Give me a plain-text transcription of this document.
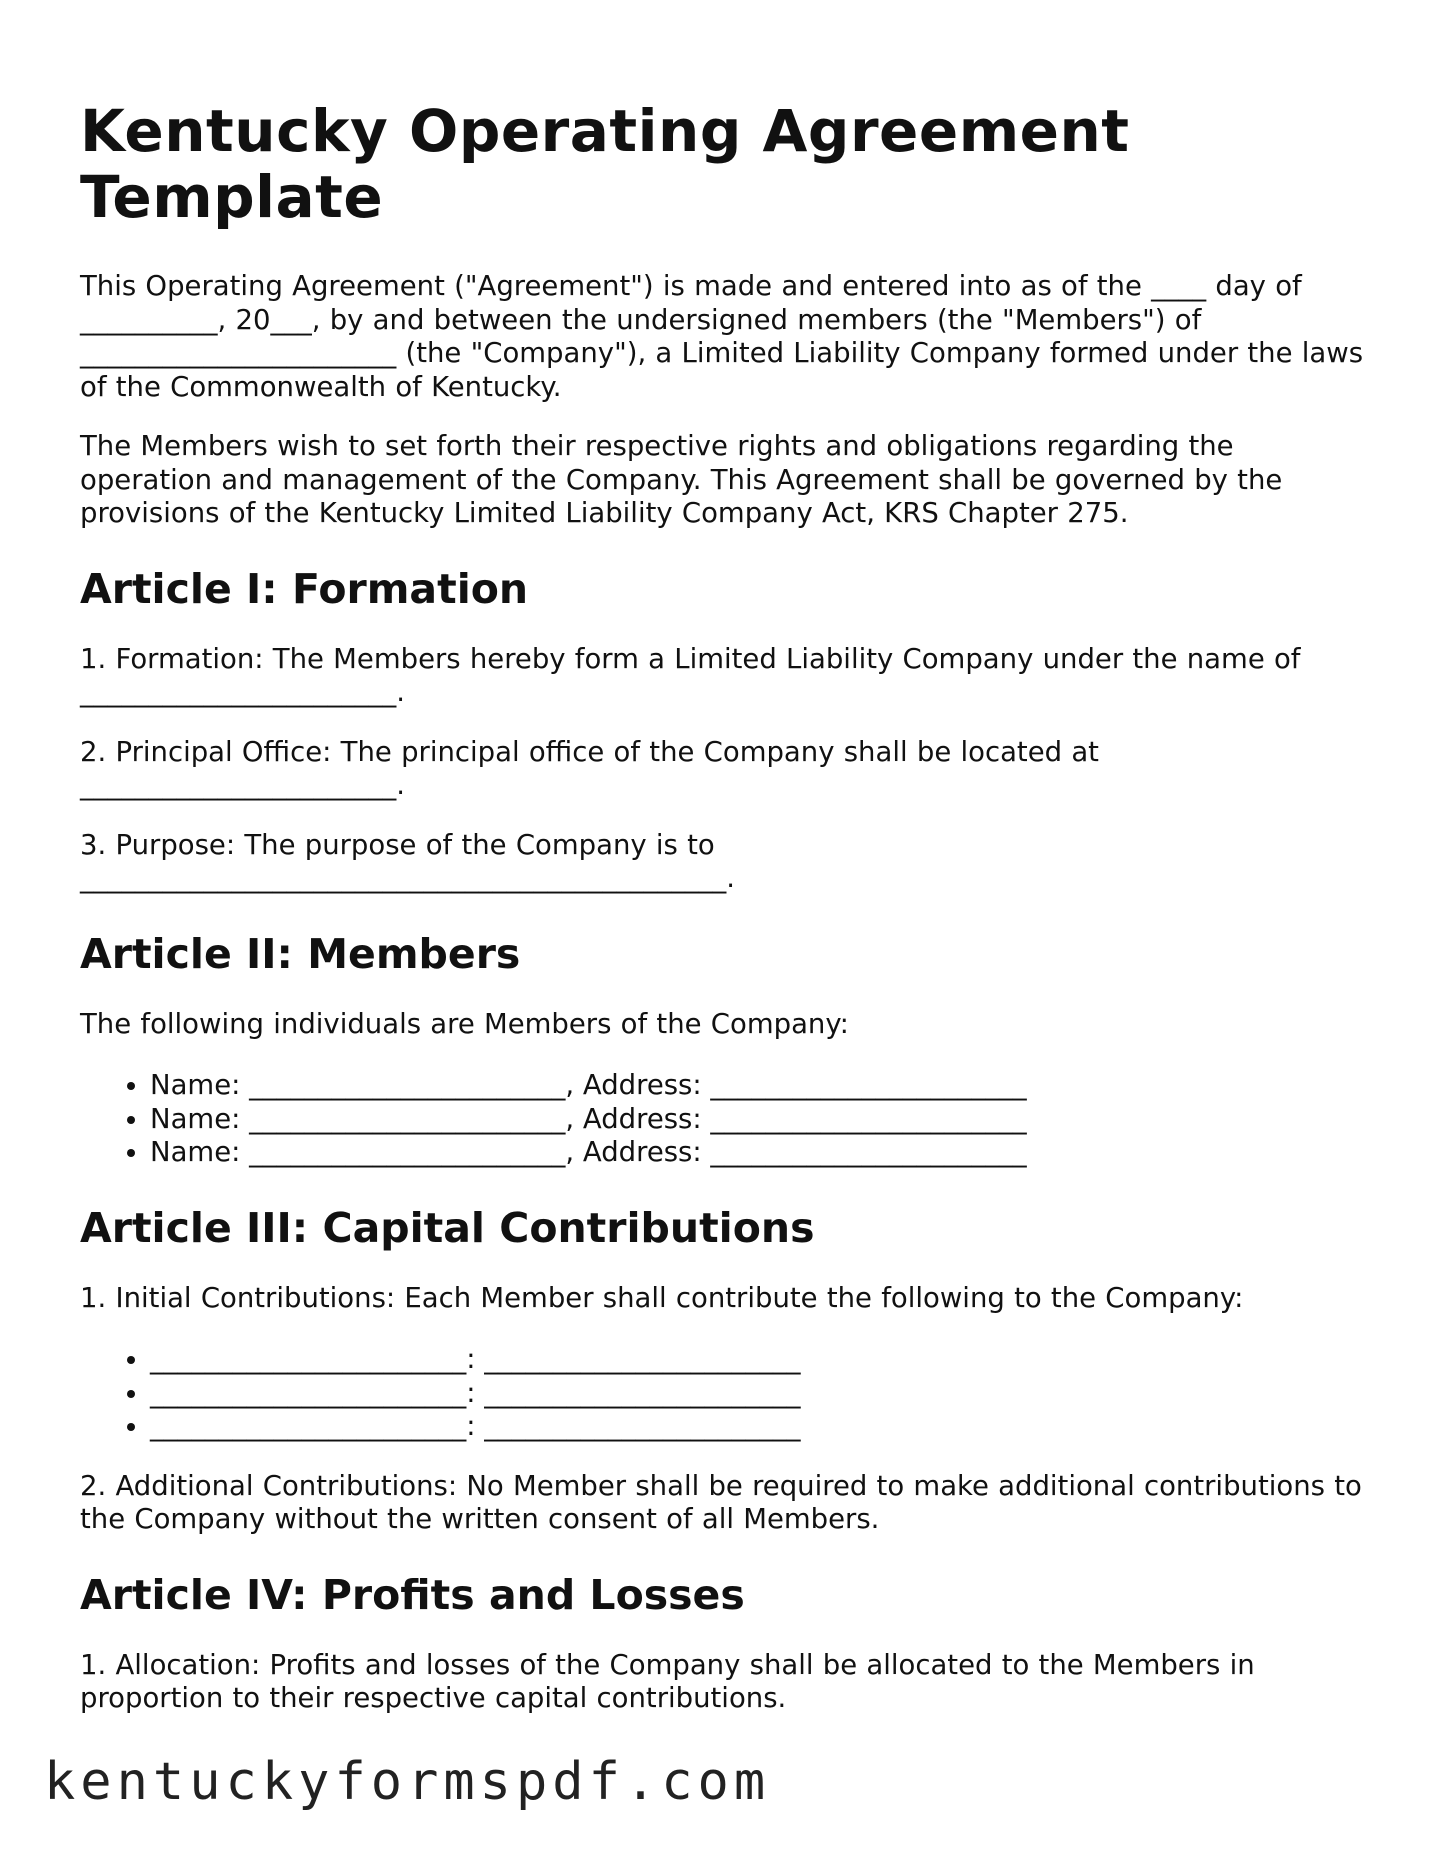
Kentucky Operating Agreement Template

This Operating Agreement ("Agreement") is made and entered into as of the ____ day of __________, 20___, by and between the undersigned members (the "Members") of _______________________ (the "Company"), a Limited Liability Company formed under the laws of the Commonwealth of Kentucky.

The Members wish to set forth their respective rights and obligations regarding the operation and management of the Company. This Agreement shall be governed by the provisions of the Kentucky Limited Liability Company Act, KRS Chapter 275.

Article I: Formation

1. Formation: The Members hereby form a Limited Liability Company under the name of _______________________.

2. Principal Office: The principal office of the Company shall be located at _______________________.

3. Purpose: The purpose of the Company is to _______________________________________________.

Article II: Members

The following individuals are Members of the Company:

• Name: _______________________, Address: _______________________
• Name: _______________________, Address: _______________________
• Name: _______________________, Address: _______________________
Article III: Capital Contributions

1. Initial Contributions: Each Member shall contribute the following to the Company:

• _______________________: _______________________
• _______________________: _______________________
• _______________________: _______________________

2. Additional Contributions: No Member shall be required to make additional contributions to the Company without the written consent of all Members.

Article IV: Profits and Losses

1. Allocation: Profits and losses of the Company shall be allocated to the Members in proportion to their respective capital contributions.

kentuckyformspdf.com
